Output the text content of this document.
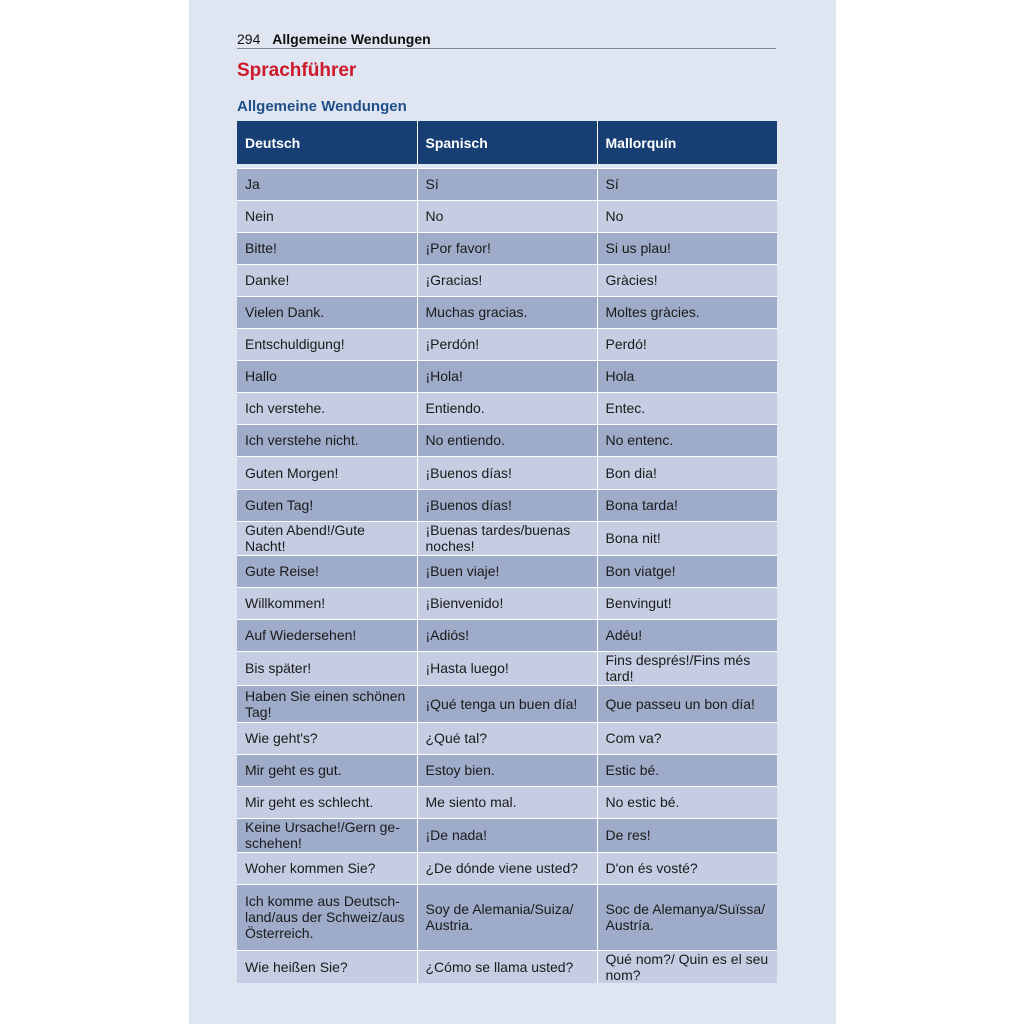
294 Allgemeine Wendungen
Sprachführer
Allgemeine Wendungen
Deutsch	Spanisch	Mallorquín

Ja	Sí	Sí
Nein	No	No
Bitte!	¡Por favor!	Si us plau!
Danke!	¡Gracias!	Gràcies!
Vielen Dank.	Muchas gracias.	Moltes gràcies.
Entschuldigung!	¡Perdón!	Perdó!
Hallo	¡Hola!	Hola
Ich verstehe.	Entiendo.	Entec.
Ich verstehe nicht.	No entiendo.	No entenc.
Guten Morgen!	¡Buenos días!	Bon dia!
Guten Tag!	¡Buenos días!	Bona tarda!
Guten Abend!/Gute Nacht!	¡Buenas tardes/buenas noches!	Bona nit!
Gute Reise!	¡Buen viaje!	Bon viatge!
Willkommen!	¡Bienvenido!	Benvingut!
Auf Wiedersehen!	¡Adiós!	Adéu!
Bis später!	¡Hasta luego!	Fins després!/Fins més tard!
Haben Sie einen schönen Tag!	¡Qué tenga un buen día!	Que passeu un bon día!
Wie geht's?	¿Qué tal?	Com va?
Mir geht es gut.	Estoy bien.	Estic bé.
Mir geht es schlecht.	Me siento mal.	No estic bé.
Keine Ursache!/Gern ge-schehen!	¡De nada!	De res!
Woher kommen Sie?	¿De dónde viene usted?	D'on és vosté?
Ich komme aus Deutsch-land/aus der Schweiz/aus Österreich.	Soy de Alemania/Suiza/ Austria.	Soc de Alemanya/Suïssa/ Austría.
Wie heißen Sie?	¿Cómo se llama usted?	Qué nom?/ Quin es el seu nom?
